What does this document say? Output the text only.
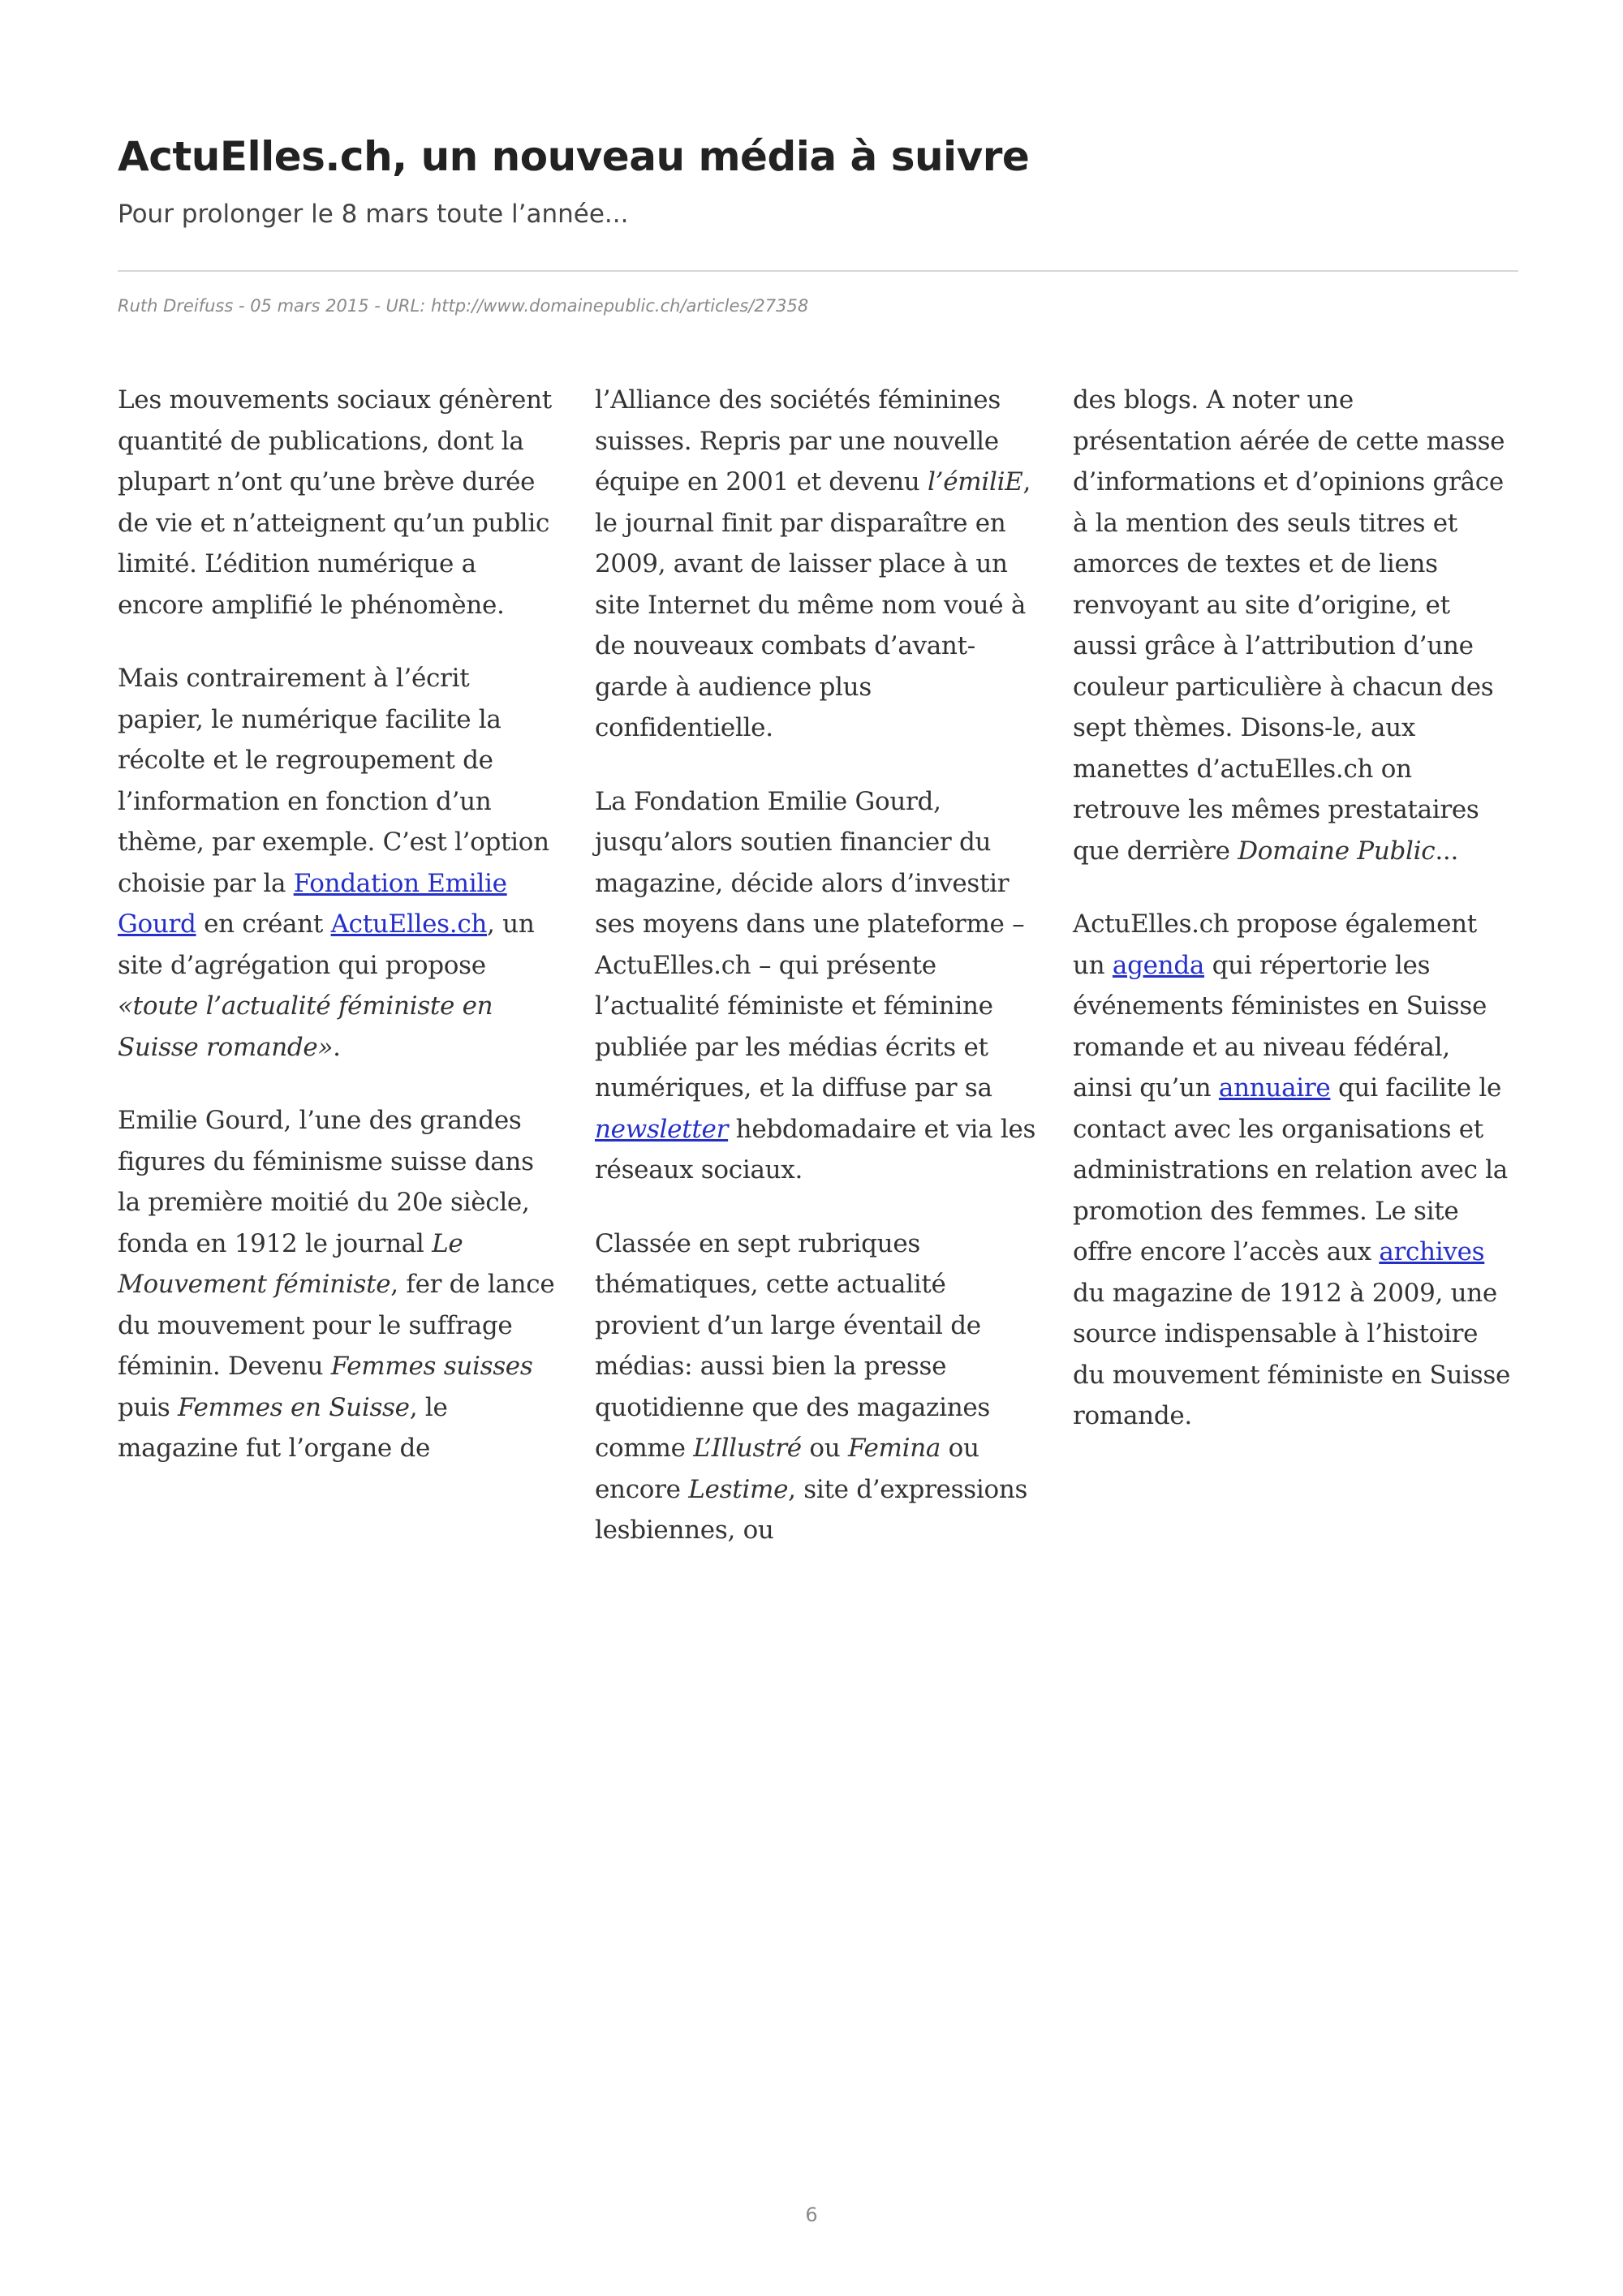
ActuElles.ch, un nouveau média à suivre
Pour prolonger le 8 mars toute l’année...
Ruth Dreifuss - 05 mars 2015 - URL: http://www.domainepublic.ch/articles/27358

Les mouvements sociaux génèrent quantité de publications, dont la plupart n’ont qu’une brève durée de vie et n’atteignent qu’un public limité. L’édition numérique a encore amplifié le phénomène.

Mais contrairement à l’écrit papier, le numérique facilite la récolte et le regroupement de l’information en fonction d’un thème, par exemple. C’est l’option choisie par la Fondation Emilie Gourd en créant ActuElles.ch, un site d’agrégation qui propose «toute l’actualité féministe en Suisse romande».

Emilie Gourd, l’une des grandes figures du féminisme suisse dans la première moitié du 20e siècle, fonda en 1912 le journal Le Mouvement féministe, fer de lance du mouvement pour le suffrage féminin. Devenu Femmes suisses puis Femmes en Suisse, le magazine fut l’organe de

l’Alliance des sociétés féminines suisses. Repris par une nouvelle équipe en 2001 et devenu l’émiliE, le journal finit par disparaître en 2009, avant de laisser place à un site Internet du même nom voué à de nouveaux combats d’avant-garde à audience plus confidentielle.

La Fondation Emilie Gourd, jusqu’alors soutien financier du magazine, décide alors d’investir ses moyens dans une plateforme – ActuElles.ch – qui présente l’actualité féministe et féminine publiée par les médias écrits et numériques, et la diffuse par sa newsletter hebdomadaire et via les réseaux sociaux.

Classée en sept rubriques thématiques, cette actualité provient d’un large éventail de médias: aussi bien la presse quotidienne que des magazines comme L’Illustré ou Femina ou encore Lestime, site d’expressions lesbiennes, ou

des blogs. A noter une présentation aérée de cette masse d’informations et d’opinions grâce à la mention des seuls titres et amorces de textes et de liens renvoyant au site d’origine, et aussi grâce à l’attribution d’une couleur particulière à chacun des sept thèmes. Disons-le, aux manettes d’actuElles.ch on retrouve les mêmes prestataires que derrière Domaine Public...

ActuElles.ch propose également un agenda qui répertorie les événements féministes en Suisse romande et au niveau fédéral, ainsi qu’un annuaire qui facilite le contact avec les organisations et administrations en relation avec la promotion des femmes. Le site offre encore l’accès aux archives du magazine de 1912 à 2009, une source indispensable à l’histoire du mouvement féministe en Suisse romande.

6
